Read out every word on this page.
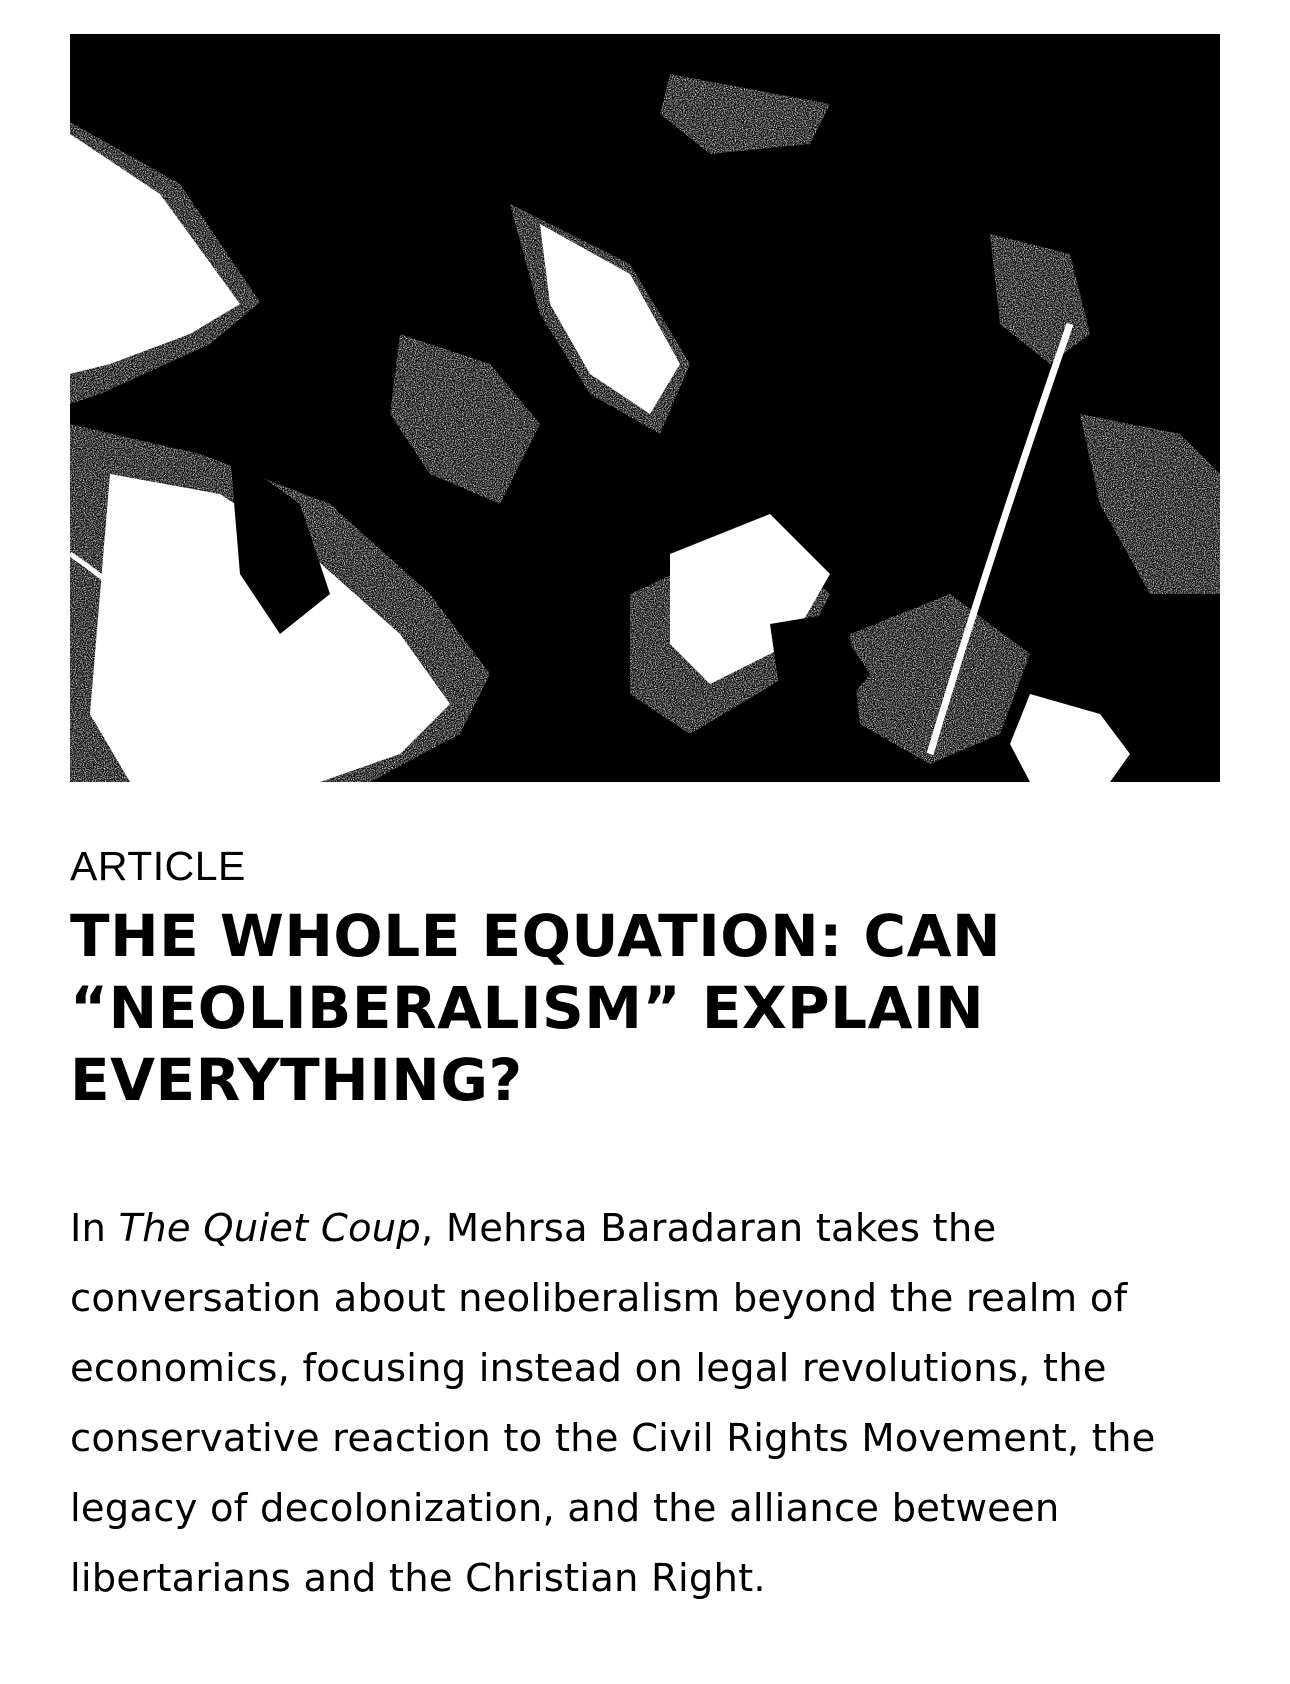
ARTICLE

THE WHOLE EQUATION: CAN “NEOLIBERALISM” EXPLAIN EVERYTHING?

In The Quiet Coup, Mehrsa Baradaran takes the conversation about neoliberalism beyond the realm of economics, focusing instead on legal revolutions, the conservative reaction to the Civil Rights Movement, the legacy of decolonization, and the alliance between libertarians and the Christian Right.
